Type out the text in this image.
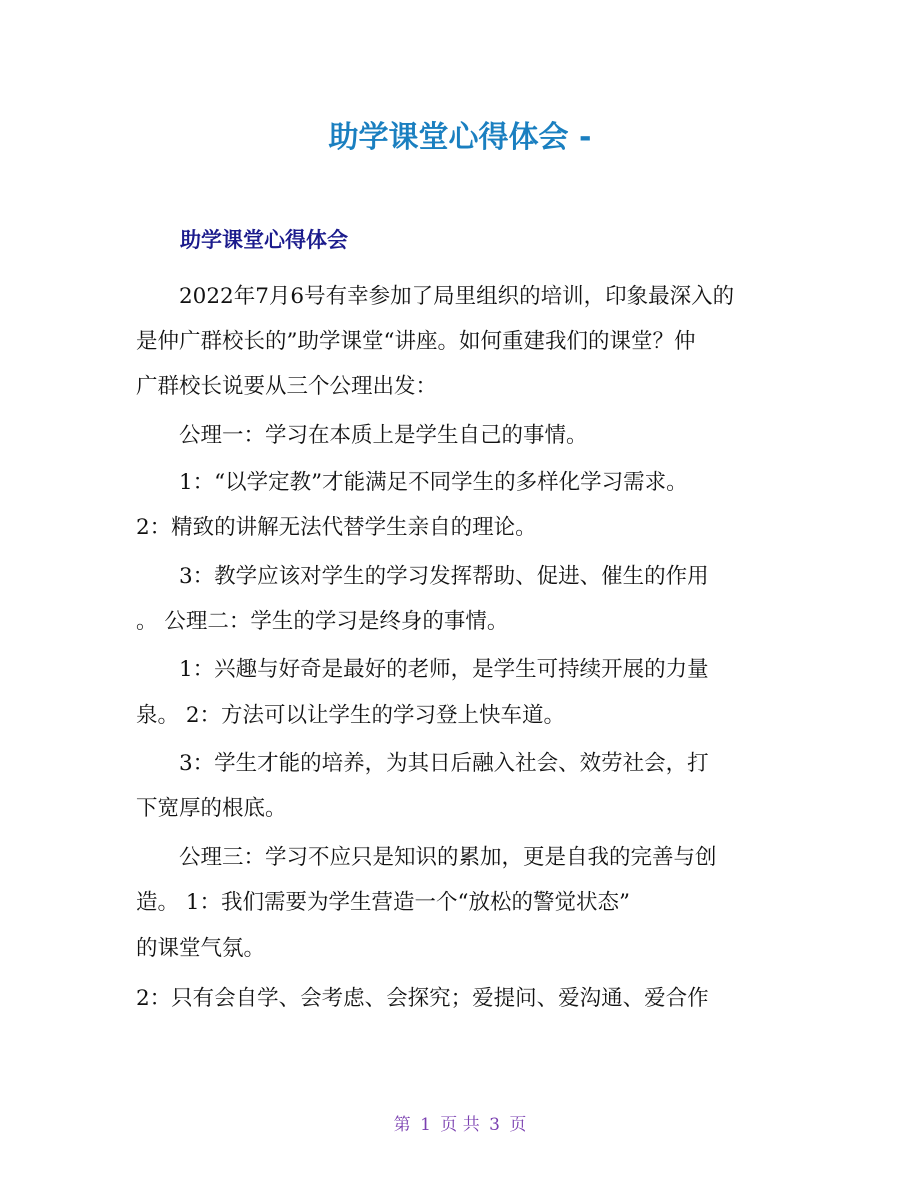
助学课堂心得体会 -
助学课堂心得体会

　　2022年7月6号有幸参加了局里组织的培训，印象最深入的

是仲广群校长的”助学课堂“讲座。如何重建我们的课堂？仲

广群校长说要从三个公理出发：

　　公理一：学习在本质上是学生自己的事情。

　　1：“以学定教”才能满足不同学生的多样化学习需求。

2：精致的讲解无法代替学生亲自的理论。

　　3：教学应该对学生的学习发挥帮助、促进、催生的作用

。 公理二：学生的学习是终身的事情。

　　1：兴趣与好奇是最好的老师，是学生可持续开展的力量

泉。 2：方法可以让学生的学习登上快车道。

　　3：学生才能的培养，为其日后融入社会、效劳社会，打

下宽厚的根底。

　　公理三：学习不应只是知识的累加，更是自我的完善与创

造。 1：我们需要为学生营造一个“放松的警觉状态”

的课堂气氛。

2：只有会自学、会考虑、会探究；爱提问、爱沟通、爱合作

第 1 页 共 3 页
